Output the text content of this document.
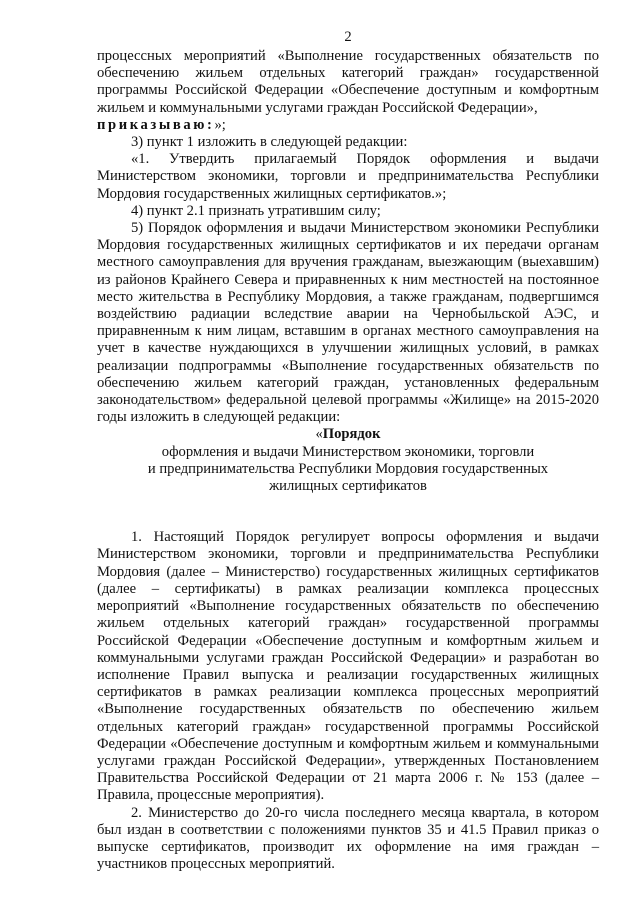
2

процессных мероприятий «Выполнение государственных обязательств по обеспечению жильем отдельных категорий граждан» государственной программы Российской Федерации «Обеспечение доступным и комфортным жильем и коммунальными услугами граждан Российской Федерации»,
приказываю:»;

3) пункт 1 изложить в следующей редакции:

«1. Утвердить прилагаемый Порядок оформления и выдачи Министерством экономики, торговли и предпринимательства Республики Мордовия государственных жилищных сертификатов.»;

4) пункт 2.1 признать утратившим силу;

5) Порядок оформления и выдачи Министерством экономики Республики Мордовия государственных жилищных сертификатов и их передачи органам местного самоуправления для вручения гражданам, выезжающим (выехавшим) из районов Крайнего Севера и приравненных к ним местностей на постоянное место жительства в Республику Мордовия, а также гражданам, подвергшимся воздействию радиации вследствие аварии на Чернобыльской АЭС, и приравненным к ним лицам, вставшим в органах местного самоуправления на учет в качестве нуждающихся в улучшении жилищных условий, в рамках реализации подпрограммы «Выполнение государственных обязательств по обеспечению жильем категорий граждан, установленных федеральным законодательством» федеральной целевой программы «Жилище» на 2015-2020 годы изложить в следующей редакции:

«Порядок

оформления и выдачи Министерством экономики, торговли

и предпринимательства Республики Мордовия государственных

жилищных сертификатов

1. Настоящий Порядок регулирует вопросы оформления и выдачи Министерством экономики, торговли и предпринимательства Республики Мордовия (далее – Министерство) государственных жилищных сертификатов (далее – сертификаты) в рамках реализации комплекса процессных мероприятий «Выполнение государственных обязательств по обеспечению жильем отдельных категорий граждан» государственной программы Российской Федерации «Обеспечение доступным и комфортным жильем и коммунальными услугами граждан Российской Федерации» и разработан во исполнение Правил выпуска и реализации государственных жилищных сертификатов в рамках реализации комплекса процессных мероприятий «Выполнение государственных обязательств по обеспечению жильем отдельных категорий граждан» государственной программы Российской Федерации «Обеспечение доступным и комфортным жильем и коммунальными услугами граждан Российской Федерации», утвержденных Постановлением Правительства Российской Федерации от 21 марта 2006 г. № 153 (далее – Правила, процессные мероприятия).

2. Министерство до 20-го числа последнего месяца квартала, в котором был издан в соответствии с положениями пунктов 35 и 41.5 Правил приказ о выпуске сертификатов, производит их оформление на имя граждан – участников процессных мероприятий.
